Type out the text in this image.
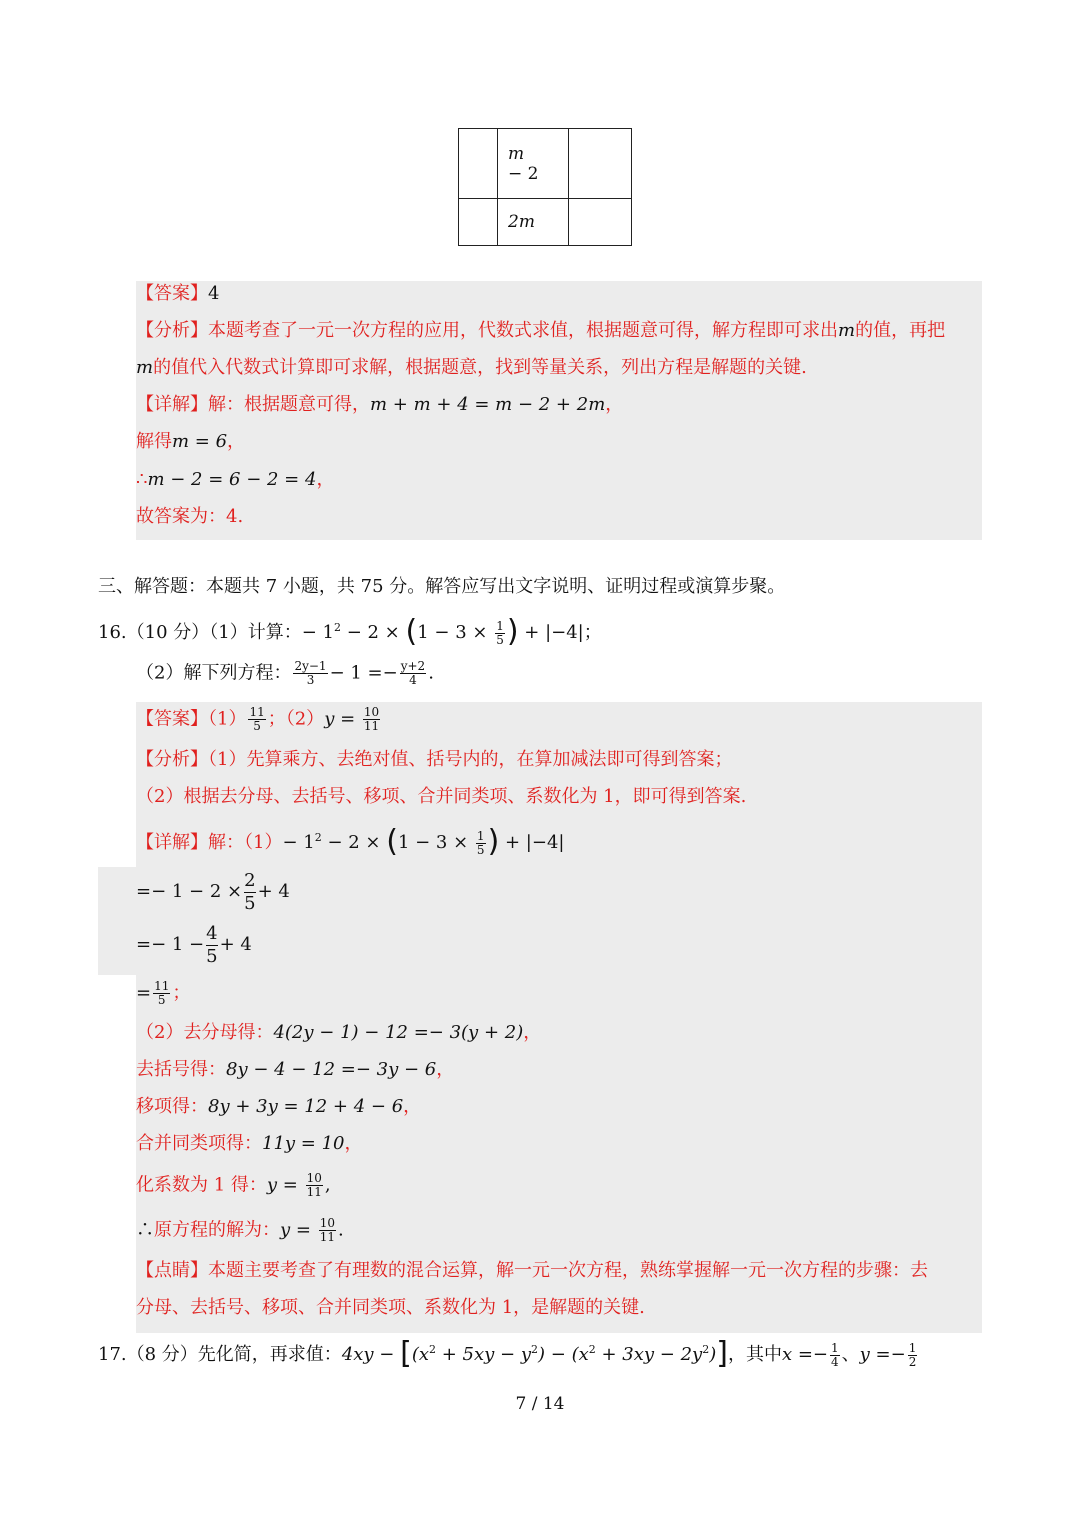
	m
− 2	

	2m	
【答案】4
【分析】本题考查了一元一次方程的应用，代数式求值，根据题意可得，解方程即可求出m的值，再把
m的值代入代数式计算即可求解，根据题意，找到等量关系，列出方程是解题的关键.
【详解】解：根据题意可得，m + m + 4 = m − 2 + 2m，
解得m = 6，
∴m − 2 = 6 − 2 = 4，
故答案为：4.
三、解答题：本题共 7 小题，共 75 分。解答应写出文字说明、证明过程或演算步聚。
16.（10 分）（1）计算：− $1^2 - 2 \times (1 - 3 \times \frac{1}{5}$ ) + |−4|；
（2）解下列方程： $\frac{2y-1}{3} - 1 =- \frac{y+2}{4}$ .
【答案】$(1) \frac{11}{5}$ ；$(2)y = \frac{10}{11}$
【分析】（1）先算乘方、去绝对值、括号内的，在算加减法即可得到答案；
（2）根据去分母、去括号、移项、合并同类项、系数化为 1，即可得到答案.
【详解】解：$(1)- 1^2 - 2 \times (1 - 3 \times \frac{1}{5}$ ) + |−4|
=− $1 - 2 \times \frac{2}{5} + 4$
=− $1 - \frac{4}{5} + 4$
= $\frac{11}{5}$ ；
（2）去分母得：4(2y − 1) − 12 =− 3(y + 2)，
去括号得：8y − 4 − 12 =− 3y − 6，
移项得：8y + 3y = 12 + 4 − 6，
合并同类项得：11y = 10，
化系数为 1 得：$y = \frac{10}{11}$ ,
∴原方程的解为：$y = \frac{10}{11}$ .
【点睛】本题主要考查了有理数的混合运算，解一元一次方程，熟练掌握解一元一次方程的步骤：去
分母、去括号、移项、合并同类项、系数化为 1，是解题的关键.
17.（8 分）先化简，再求值：$4xy - [(x^2 + 5xy - y^2) - (x^2 + 3xy - 2y^2)]$，其中$x =- \frac{1}{4}$ 、$y =- \frac{1}{2}$
7 / 14
